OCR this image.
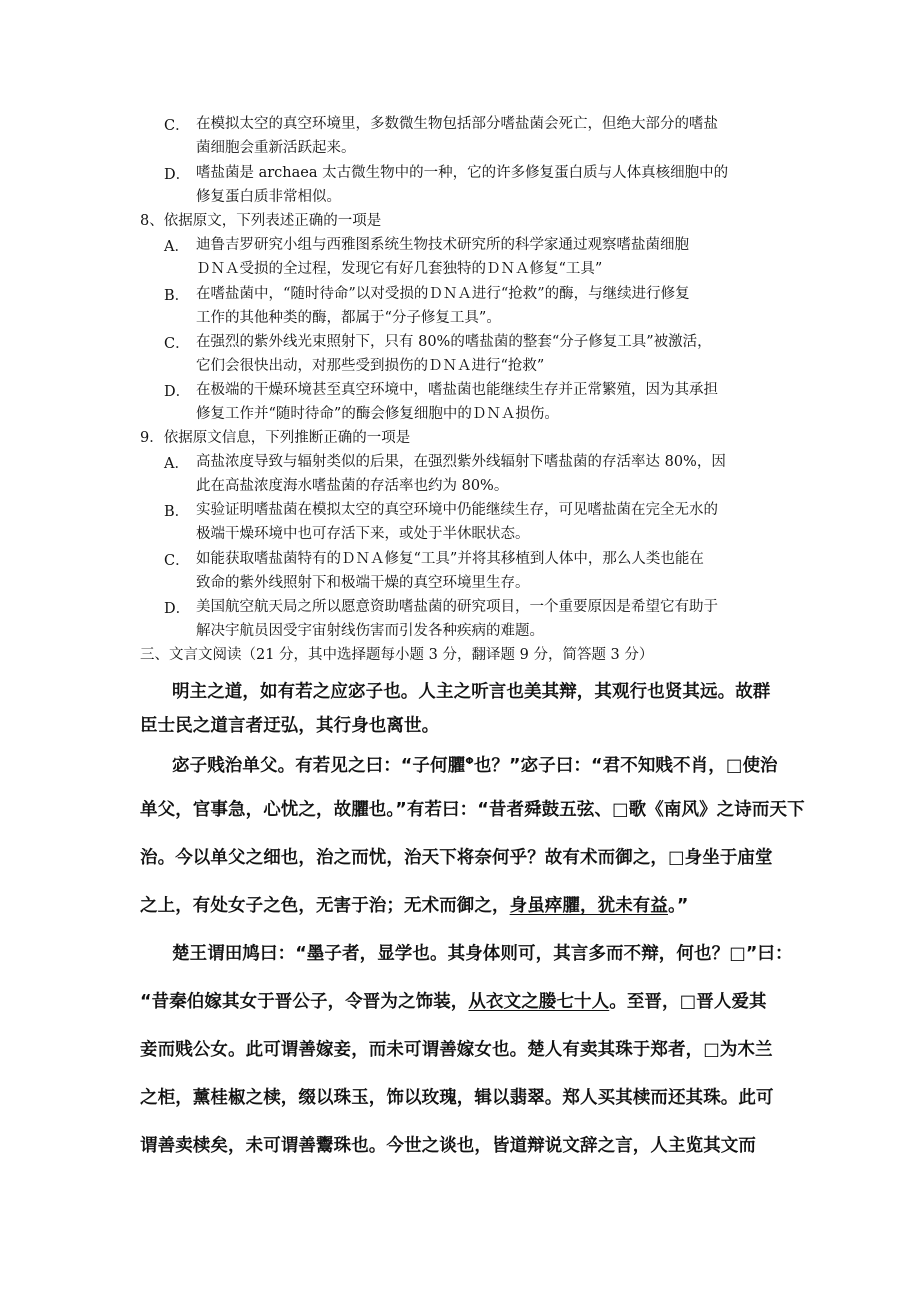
C． 在模拟太空的真空环境里，多数微生物包括部分嗜盐菌会死亡，但绝大部分的嗜盐
菌细胞会重新活跃起来。
D． 嗜盐菌是 archaea 太古微生物中的一种，它的许多修复蛋白质与人体真核细胞中的
修复蛋白质非常相似。
8、依据原文，下列表述正确的一项是
A． 迪鲁吉罗研究小组与西雅图系统生物技术研究所的科学家通过观察嗜盐菌细胞
ＤＮＡ受损的全过程，发现它有好几套独特的ＤＮＡ修复“工具”
B． 在嗜盐菌中，“随时待命”以对受损的ＤＮＡ进行“抢救”的酶，与继续进行修复
工作的其他种类的酶，都属于“分子修复工具”。
C． 在强烈的紫外线光束照射下，只有 80%的嗜盐菌的整套“分子修复工具”被激活，
它们会很快出动，对那些受到损伤的ＤＮＡ进行“抢救”
D． 在极端的干燥环境甚至真空环境中，嗜盐菌也能继续生存并正常繁殖，因为其承担
修复工作并“随时待命”的酶会修复细胞中的ＤＮＡ损伤。
9．依据原文信息，下列推断正确的一项是
A． 高盐浓度导致与辐射类似的后果，在强烈紫外线辐射下嗜盐菌的存活率达 80%，因
此在高盐浓度海水嗜盐菌的存活率也约为 80%。
B． 实验证明嗜盐菌在模拟太空的真空环境中仍能继续生存，可见嗜盐菌在完全无水的
极端干燥环境中也可存活下来，或处于半休眠状态。
C． 如能获取嗜盐菌特有的ＤＮＡ修复“工具”并将其移植到人体中，那么人类也能在
致命的紫外线照射下和极端干燥的真空环境里生存。
D． 美国航空航天局之所以愿意资助嗜盐菌的研究项目，一个重要原因是希望它有助于
解决宇航员因受宇宙射线伤害而引发各种疾病的难题。
三、文言文阅读（21 分，其中选择题每小题 3 分，翻译题 9 分，简答题 3 分）
明主之道，如有若之应宓子也。人主之听言也美其辩，其观行也贤其远。故群
臣士民之道言者迂弘，其行身也离世。
宓子贱治单父。有若见之曰：“子何臞$^\Phi$也？”宓子曰：“君不知贱不肖，□使治
单父，官事急，心忧之，故臞也。”有若曰：“昔者舜鼓五弦、□歌《南风》之诗而天下
治。今以单父之细也，治之而忧，治天下将奈何乎？故有术而御之，□身坐于庙堂
之上，有处女子之色，无害于治；无术而御之，身虽瘁臞，犹未有益。”
楚王谓田鸠曰：“墨子者，显学也。其身体则可，其言多而不辩，何也？□”曰：
“昔秦伯嫁其女于晋公子，令晋为之饰装，从衣文之媵七十人。至晋，□晋人爱其
妾而贱公女。此可谓善嫁妾，而未可谓善嫁女也。楚人有卖其珠于郑者，□为木兰
之柜，薰桂椒之椟，缀以珠玉，饰以玫瑰，辑以翡翠。郑人买其椟而还其珠。此可
谓善卖椟矣，未可谓善鬻珠也。今世之谈也，皆道辩说文辞之言，人主览其文而
